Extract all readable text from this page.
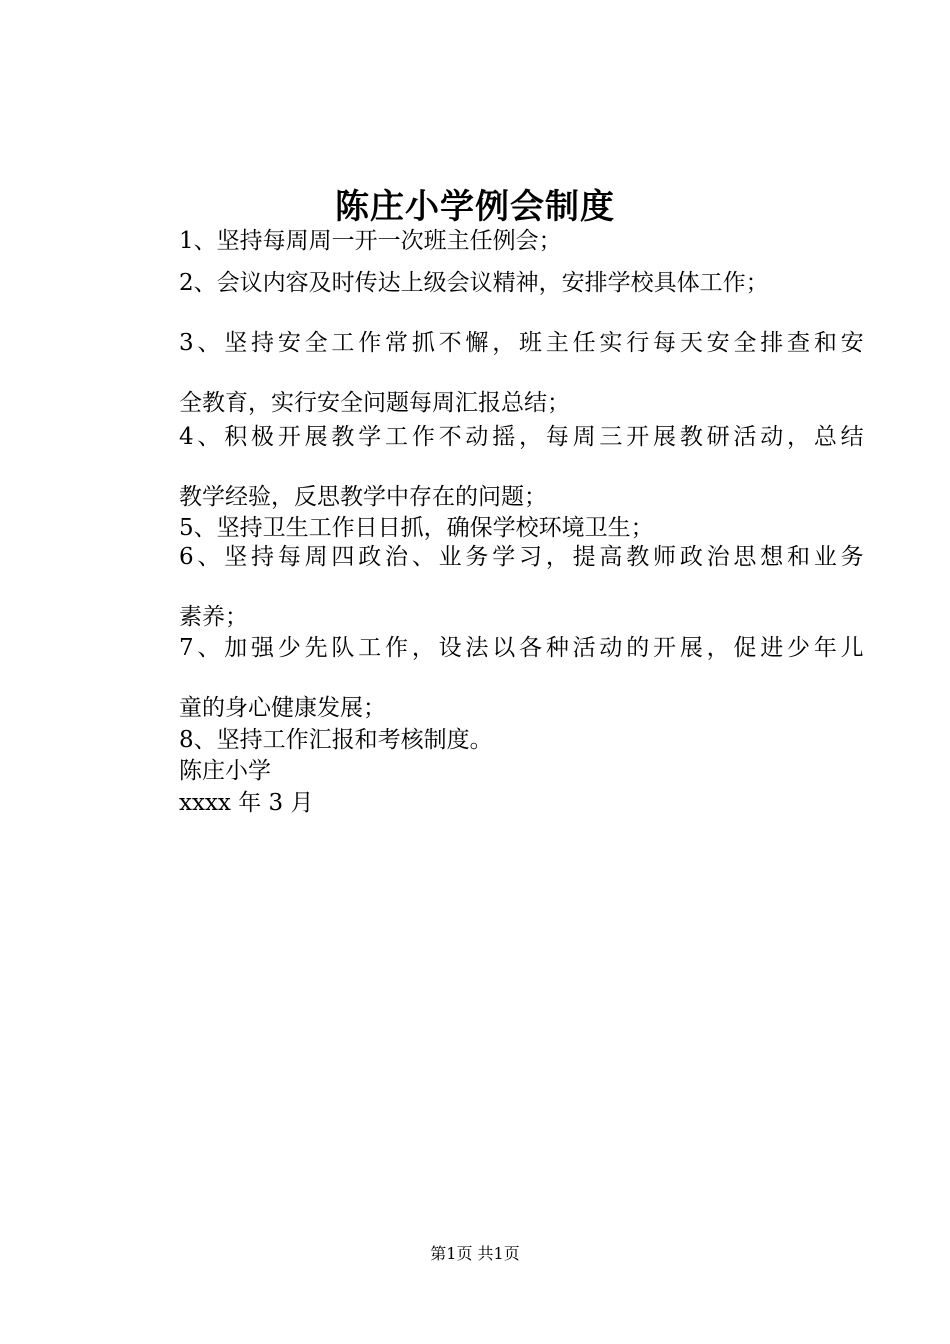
陈庄小学例会制度
1、坚持每周周一开一次班主任例会；
2、会议内容及时传达上级会议精神，安排学校具体工作；
3、坚持安全工作常抓不懈，班主任实行每天安全排查和安
全教育，实行安全问题每周汇报总结；
4、积极开展教学工作不动摇，每周三开展教研活动，总结
教学经验，反思教学中存在的问题；
5、坚持卫生工作日日抓，确保学校环境卫生；
6、坚持每周四政治、业务学习，提高教师政治思想和业务
素养；
7、加强少先队工作，设法以各种活动的开展，促进少年儿
童的身心健康发展；
8、坚持工作汇报和考核制度。
陈庄小学
xxxx 年 3 月
第1页 共1页
